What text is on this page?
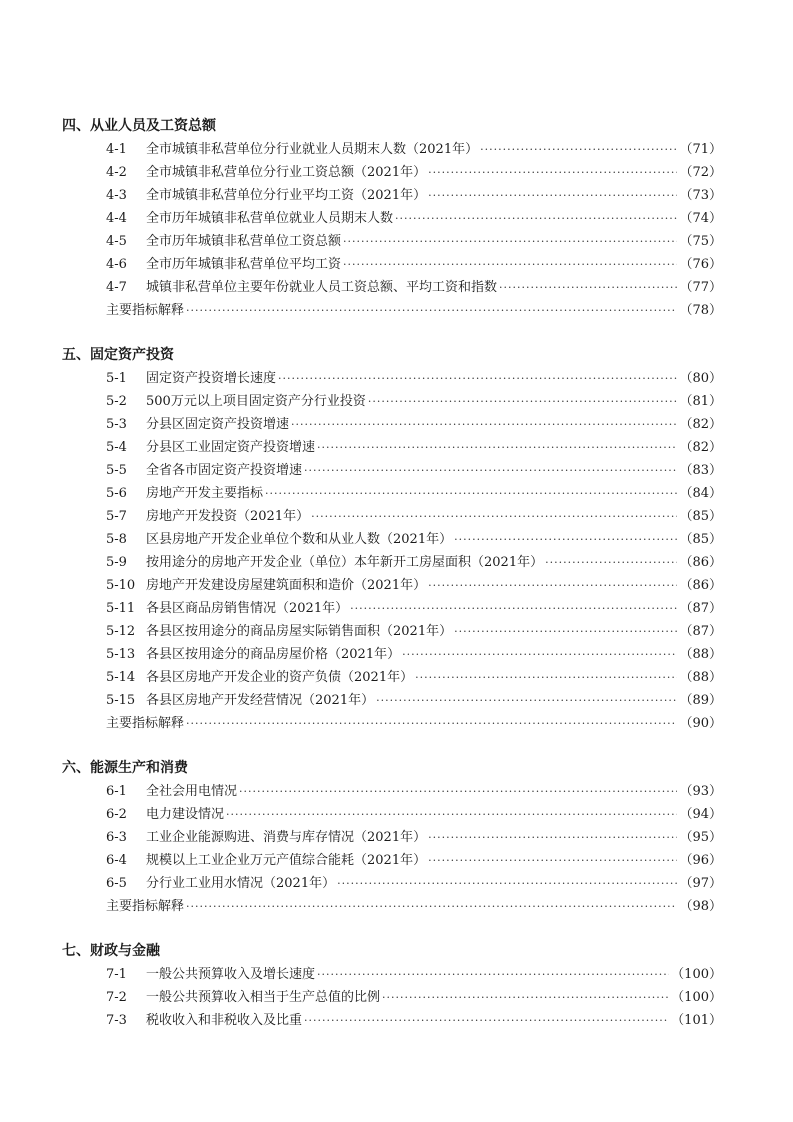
四、从业人员及工资总额
4-1	全市城镇非私营单位分行业就业人员期末人数（2021年） ·····	（71）
4-2	全市城镇非私营单位分行业工资总额（2021年） ·····	（72）
4-3	全市城镇非私营单位分行业平均工资（2021年） ·····	（73）
4-4	全市历年城镇非私营单位就业人员期末人数 ·····	（74）
4-5	全市历年城镇非私营单位工资总额 ·····	（75）
4-6	全市历年城镇非私营单位平均工资 ·····	（76）
4-7	城镇非私营单位主要年份就业人员工资总额、平均工资和指数 ·····	（77）
主要指标解释 ·····	（78）
五、固定资产投资
5-1	固定资产投资增长速度 ·····	（80）
5-2	500万元以上项目固定资产分行业投资 ·····	（81）
5-3	分县区固定资产投资增速 ·····	（82）
5-4	分县区工业固定资产投资增速 ·····	（82）
5-5	全省各市固定资产投资增速 ·····	（83）
5-6	房地产开发主要指标 ·····	（84）
5-7	房地产开发投资（2021年） ·····	（85）
5-8	区县房地产开发企业单位个数和从业人数（2021年） ·····	（85）
5-9	按用途分的房地产开发企业（单位）本年新开工房屋面积（2021年） ·····	（86）
5-10 房地产开发建设房屋建筑面积和造价（2021年） ·····	（86）
5-11 各县区商品房销售情况（2021年） ·····	（87）
5-12 各县区按用途分的商品房屋实际销售面积（2021年） ·····	（87）
5-13 各县区按用途分的商品房屋价格（2021年） ·····	（88）
5-14 各县区房地产开发企业的资产负债（2021年） ·····	（88）
5-15 各县区房地产开发经营情况（2021年） ·····	（89）
主要指标解释 ·····	（90）
六、能源生产和消费
6-1	全社会用电情况 ·····	（93）
6-2	电力建设情况 ·····	（94）
6-3	工业企业能源购进、消费与库存情况（2021年） ·····	（95）
6-4	规模以上工业企业万元产值综合能耗（2021年） ·····	（96）
6-5	分行业工业用水情况（2021年） ·····	（97）
主要指标解释 ·····	（98）
七、财政与金融
7-1	一般公共预算收入及增长速度 ·····	（100）
7-2	一般公共预算收入相当于生产总值的比例 ·····	（100）
7-3	税收收入和非税收入及比重 ·····	（101）
